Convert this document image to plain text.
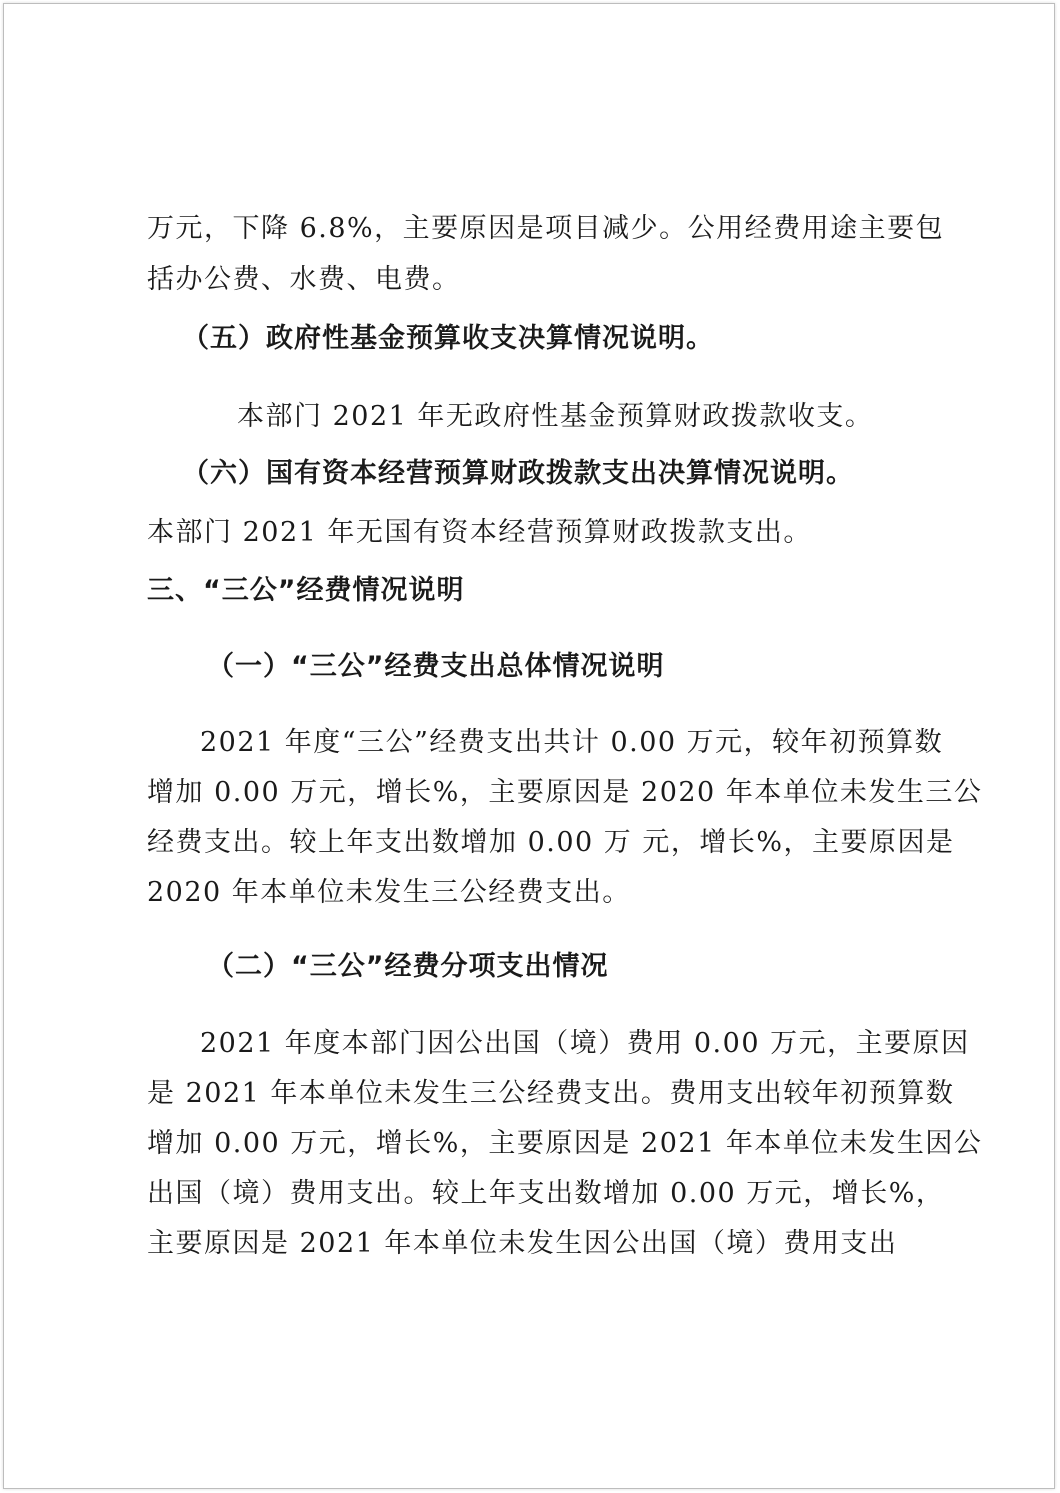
万元，下降 6.8%，主要原因是项目减少。公用经费用途主要包
括办公费、水费、电费。
（五）政府性基金预算收支决算情况说明。
本部门 2021 年无政府性基金预算财政拨款收支。
（六）国有资本经营预算财政拨款支出决算情况说明。
本部门 2021 年无国有资本经营预算财政拨款支出。
三、“三公”经费情况说明
（一）“三公”经费支出总体情况说明
2021 年度“三公”经费支出共计 0.00 万元，较年初预算数
增加 0.00 万元，增长%，主要原因是 2020 年本单位未发生三公
经费支出。较上年支出数增加 0.00 万 元，增长%，主要原因是
2020 年本单位未发生三公经费支出。
（二）“三公”经费分项支出情况
2021 年度本部门因公出国（境）费用 0.00 万元，主要原因
是 2021 年本单位未发生三公经费支出。费用支出较年初预算数
增加 0.00 万元，增长%，主要原因是 2021 年本单位未发生因公
出国（境）费用支出。较上年支出数增加 0.00 万元，增长%，
主要原因是 2021 年本单位未发生因公出国（境）费用支出
